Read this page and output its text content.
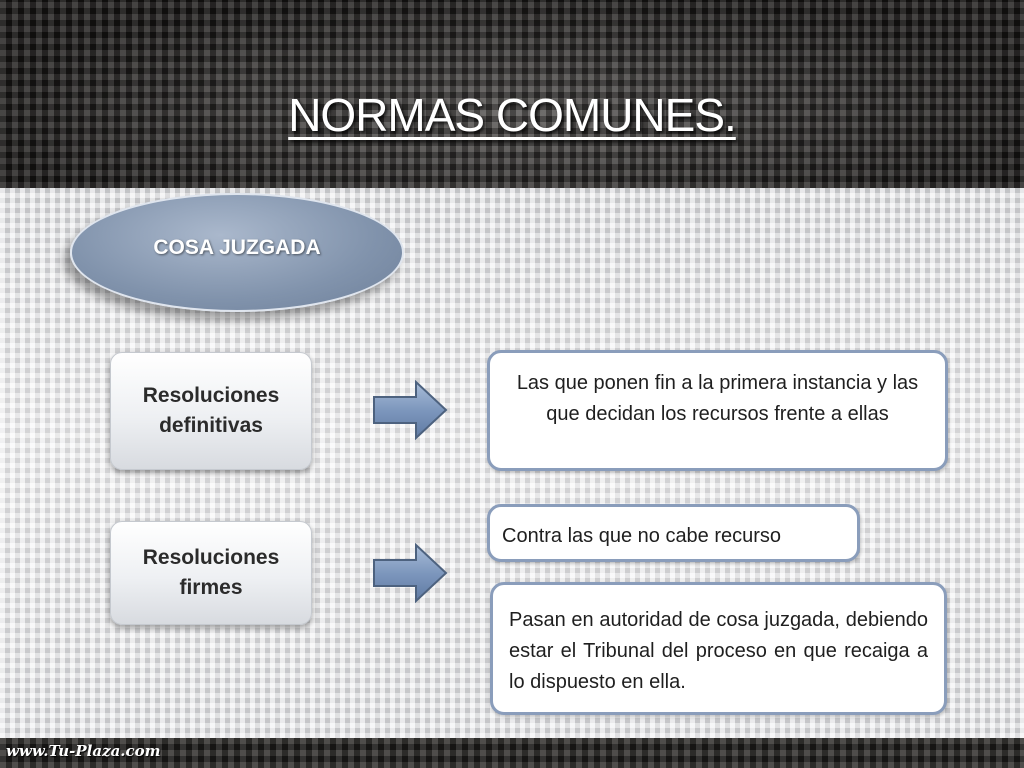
NORMAS COMUNES.
COSA JUZGADA
Resoluciones definitivas
Resoluciones firmes
Las que ponen fin a la primera instancia y las que decidan los recursos frente a ellas
Contra las que no cabe recurso
Pasan en autoridad de cosa juzgada, debiendo estar el Tribunal del proceso en que recaiga a lo dispuesto en ella.
www.Tu-Plaza.com
